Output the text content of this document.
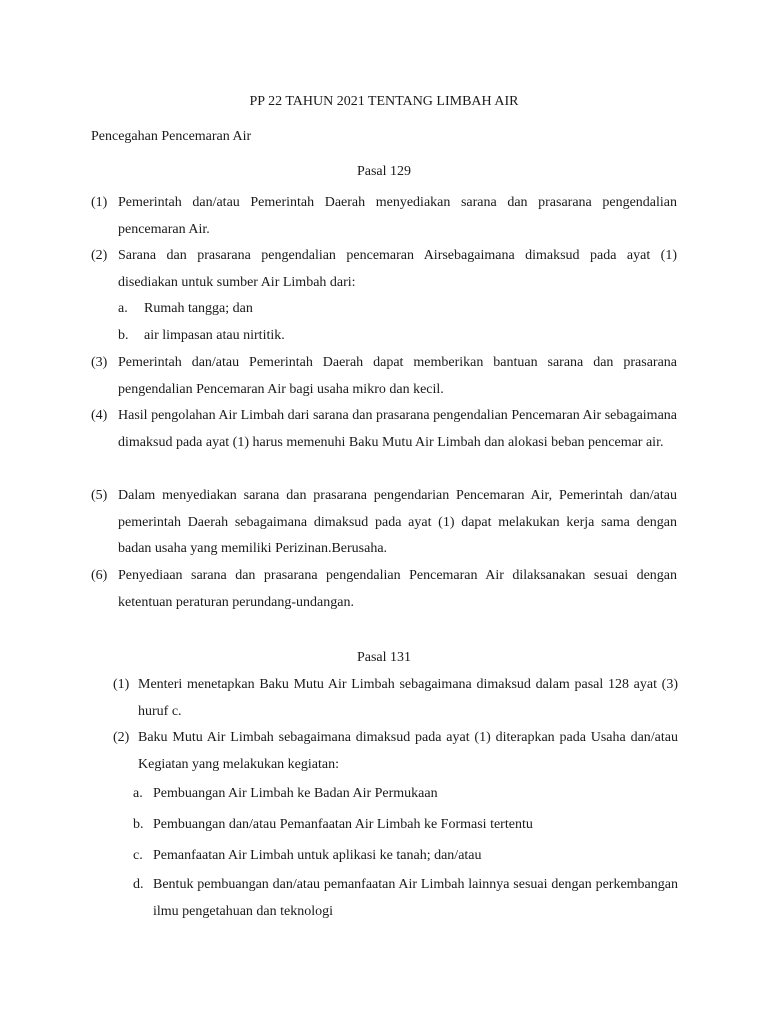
PP 22 TAHUN 2021 TENTANG LIMBAH AIR
Pencegahan Pencemaran Air
Pasal 129
(1) Pemerintah dan/atau Pemerintah Daerah menyediakan sarana dan prasarana pengendalian pencemaran Air.
(2) Sarana dan prasarana pengendalian pencemaran Airsebagaimana dimaksud pada ayat (1) disediakan untuk sumber Air Limbah dari:
a. Rumah tangga; dan
b. air limpasan atau nirtitik.
(3) Pemerintah dan/atau Pemerintah Daerah dapat memberikan bantuan sarana dan prasarana pengendalian Pencemaran Air bagi usaha mikro dan kecil.
(4) Hasil pengolahan Air Limbah dari sarana dan prasarana pengendalian Pencemaran Air sebagaimana dimaksud pada ayat (1) harus memenuhi Baku Mutu Air Limbah dan alokasi beban pencemar air.
(5) Dalam menyediakan sarana dan prasarana pengendarian Pencemaran Air, Pemerintah dan/atau pemerintah Daerah sebagaimana dimaksud pada ayat (1) dapat melakukan kerja sama dengan badan usaha yang memiliki Perizinan.Berusaha.
(6) Penyediaan sarana dan prasarana pengendalian Pencemaran Air dilaksanakan sesuai dengan ketentuan peraturan perundang-undangan.
Pasal 131
(1) Menteri menetapkan Baku Mutu Air Limbah sebagaimana dimaksud dalam pasal 128 ayat (3) huruf c.
(2) Baku Mutu Air Limbah sebagaimana dimaksud pada ayat (1) diterapkan pada Usaha dan/atau Kegiatan yang melakukan kegiatan:
a. Pembuangan Air Limbah ke Badan Air Permukaan
b. Pembuangan dan/atau Pemanfaatan Air Limbah ke Formasi tertentu
c. Pemanfaatan Air Limbah untuk aplikasi ke tanah; dan/atau
d. Bentuk pembuangan dan/atau pemanfaatan Air Limbah lainnya sesuai dengan perkembangan ilmu pengetahuan dan teknologi
